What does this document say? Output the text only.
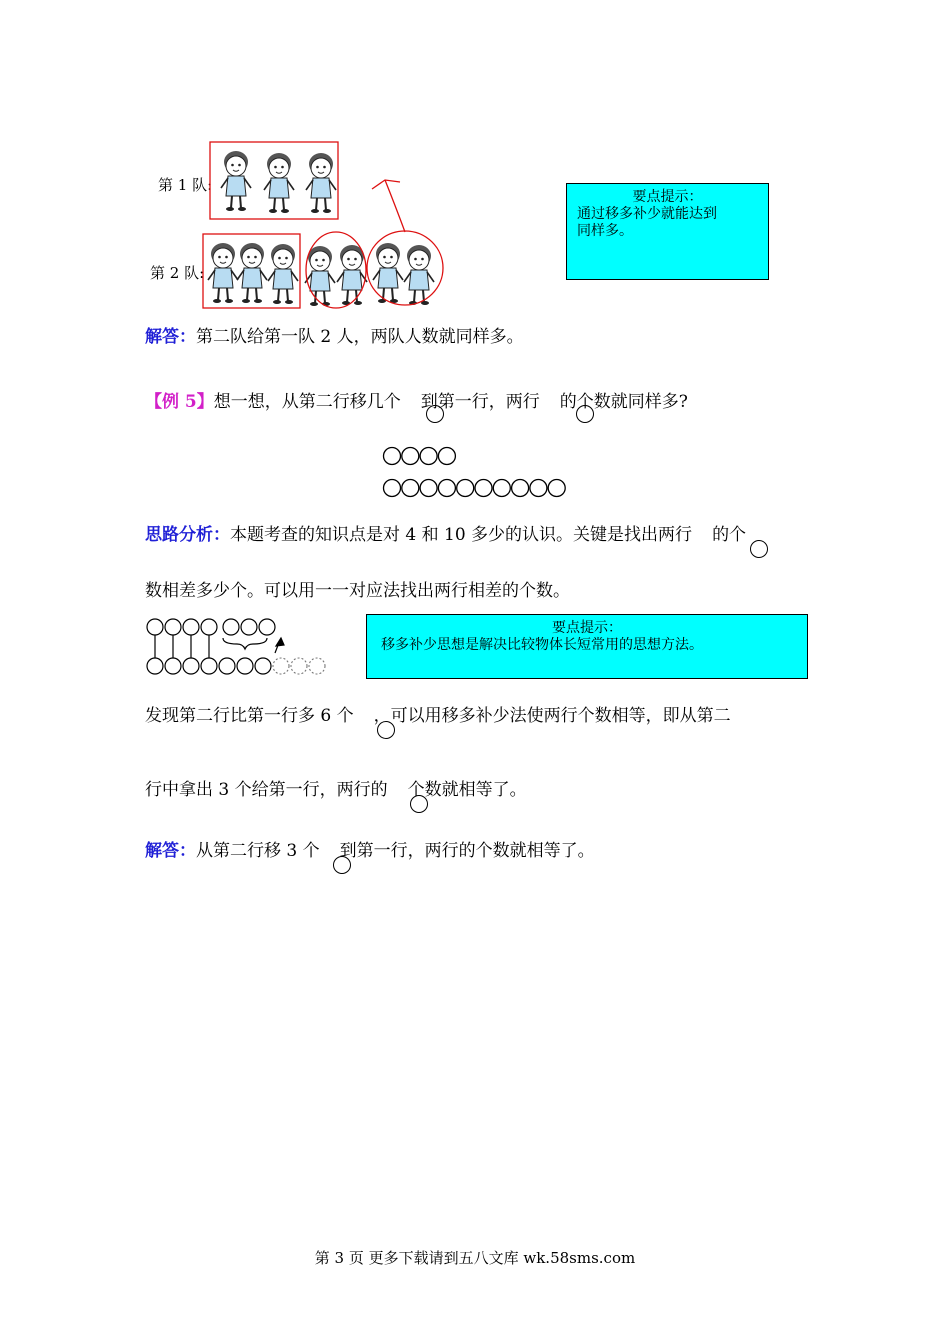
第 1 队:
第 2 队:
要点提示：
通过移多补少就能达到
同样多。
解答：第二队给第一队 2 人，两队人数就同样多。
【例 5】想一想，从第二行移几个 到第一行，两行 的个数就同样多?
思路分析：本题考查的知识点是对 4 和 10 多少的认识。关键是找出两行 的个
数相差多少个。可以用一一对应法找出两行相差的个数。
要点提示：
移多补少思想是解决比较物体长短常用的思想方法。
发现第二行比第一行多 6 个 ，可以用移多补少法使两行个数相等，即从第二
行中拿出 3 个给第一行，两行的 个数就相等了。
解答：从第二行移 3 个 到第一行，两行的个数就相等了。
第 3 页 更多下载请到五八文库 wk.58sms.com
